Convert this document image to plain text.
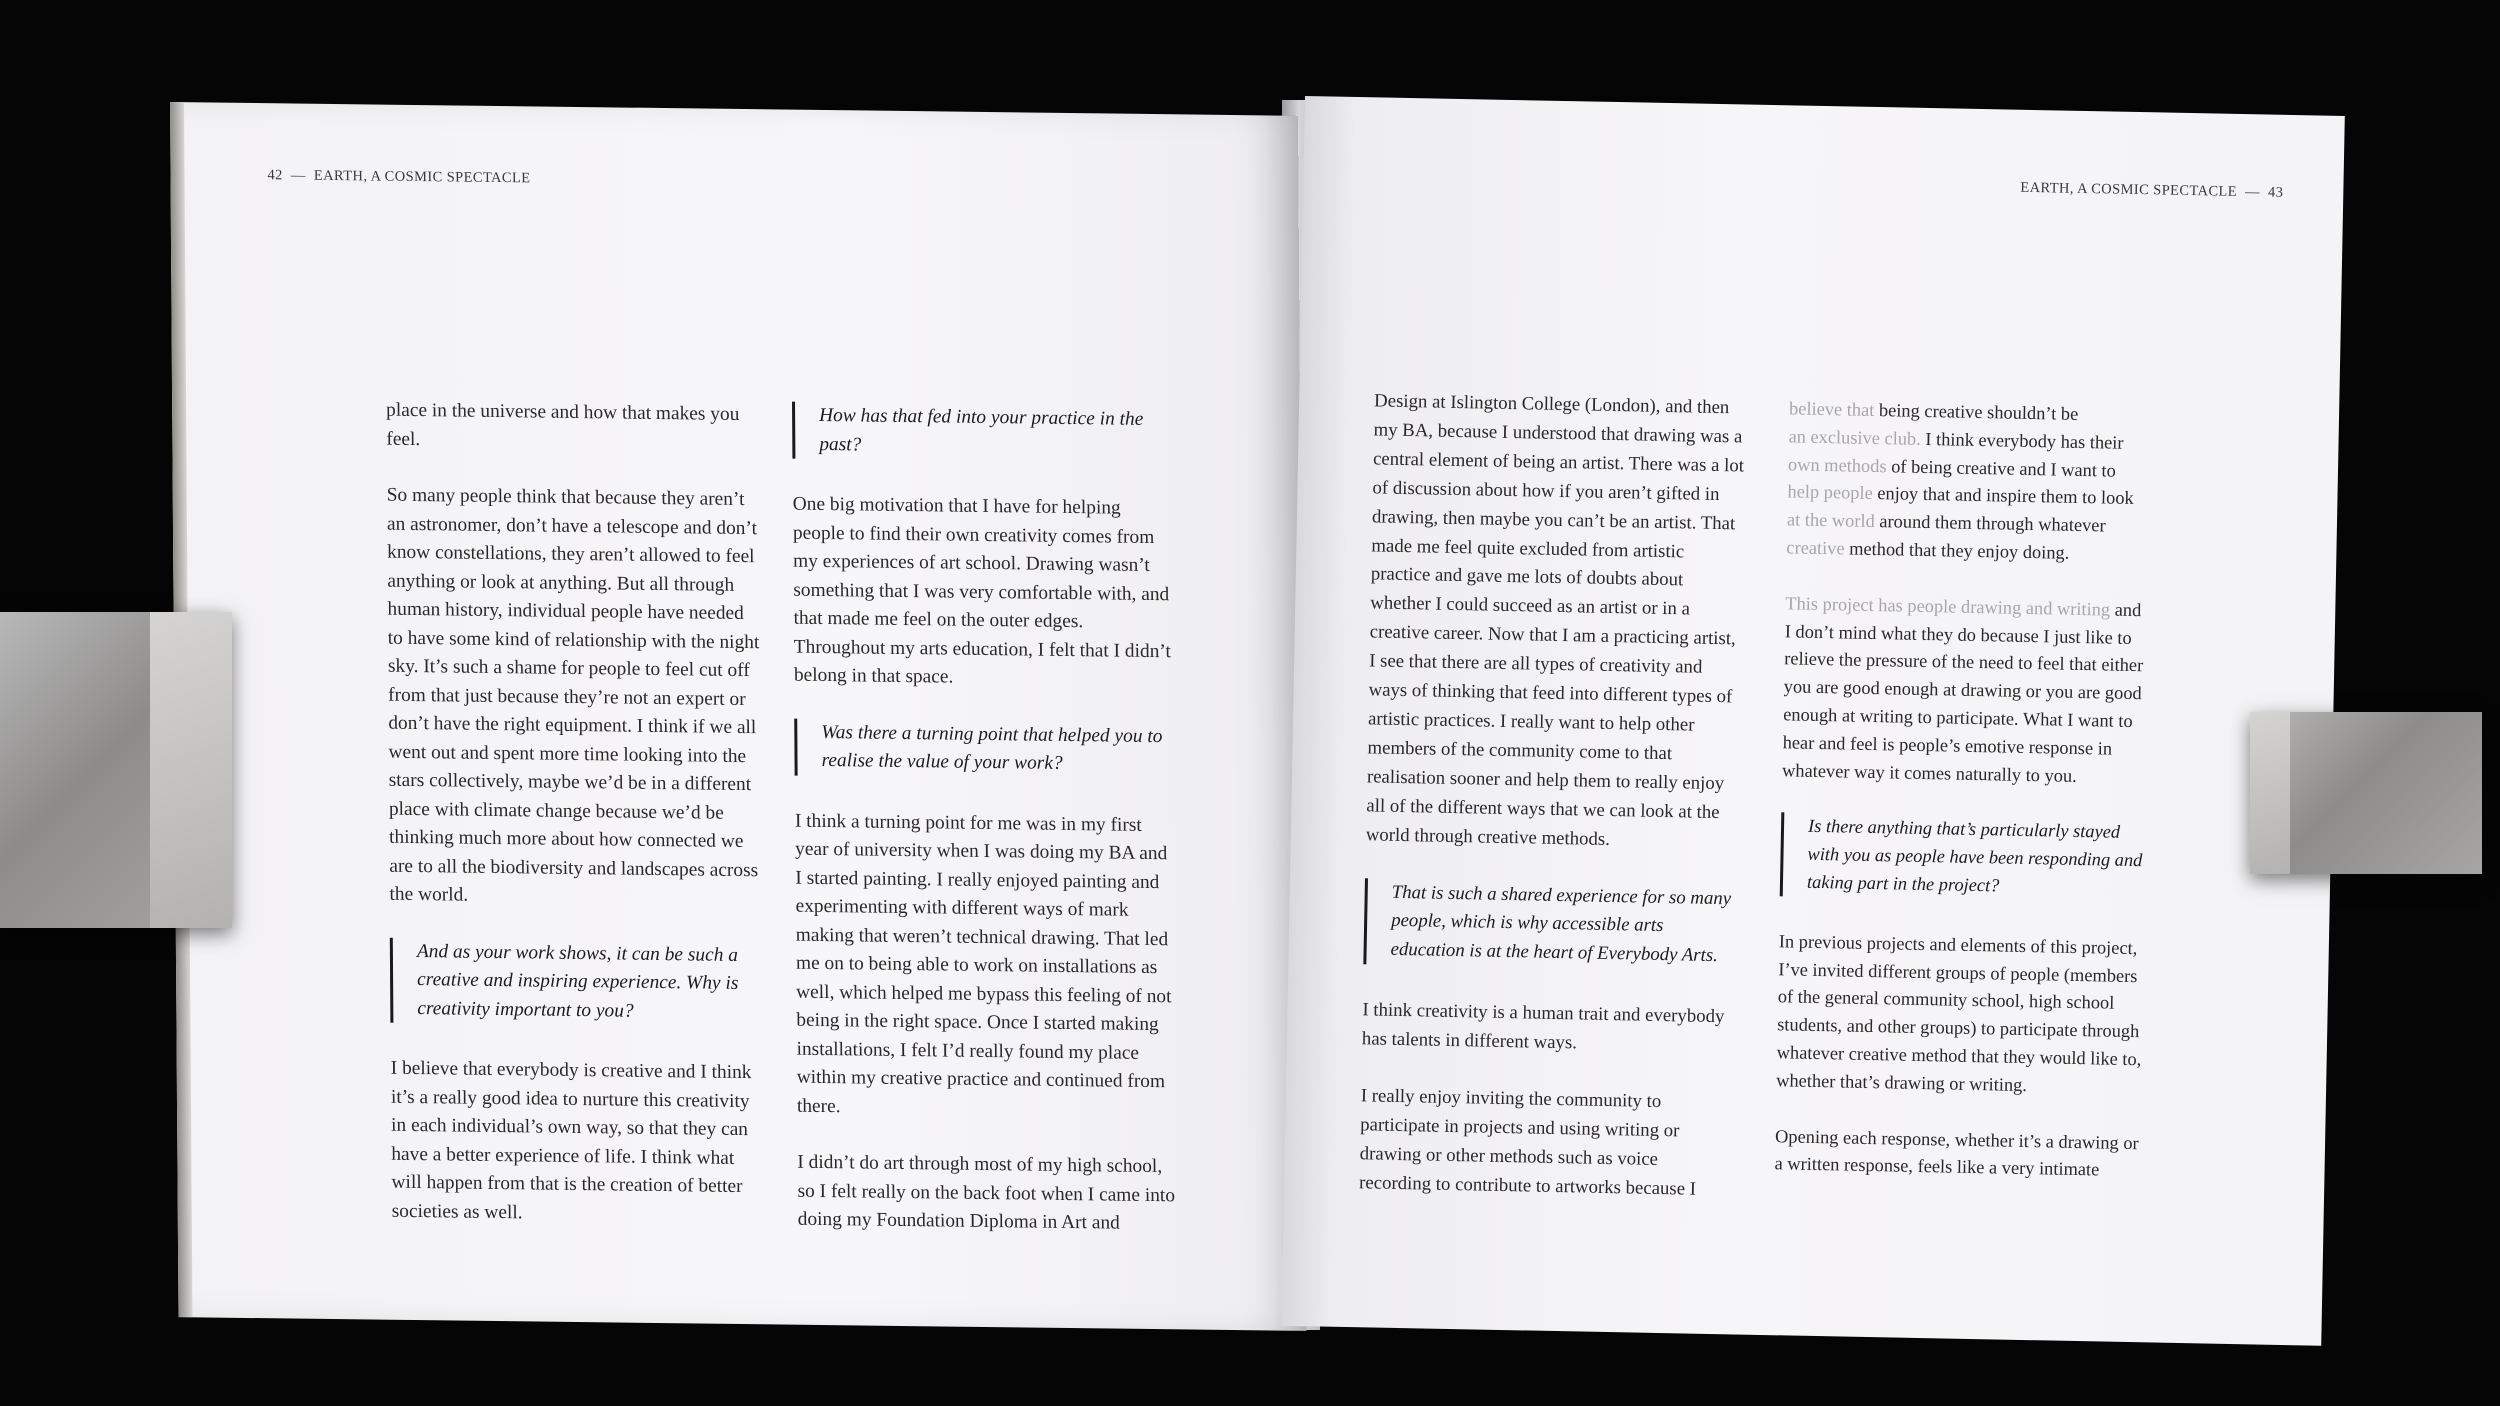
42 — EARTH, A COSMIC SPECTACLE

place in the universe and how that makes you feel.

So many people think that because they aren’t an astronomer, don’t have a telescope and don’t know constellations, they aren’t allowed to feel anything or look at anything. But all through human history, individual people have needed to have some kind of relationship with the night sky. It’s such a shame for people to feel cut off from that just because they’re not an expert or don’t have the right equipment. I think if we all went out and spent more time looking into the stars collectively, maybe we’d be in a different place with climate change because we’d be thinking much more about how connected we are to all the biodiversity and landscapes across the world.

And as your work shows, it can be such a creative and inspiring experience. Why is creativity important to you?

I believe that everybody is creative and I think it’s a really good idea to nurture this creativity in each individual’s own way, so that they can have a better experience of life. I think what will happen from that is the creation of better societies as well.

How has that fed into your practice in the past?

One big motivation that I have for helping people to find their own creativity comes from my experiences of art school. Drawing wasn’t something that I was very comfortable with, and that made me feel on the outer edges. Throughout my arts education, I felt that I didn’t belong in that space.

Was there a turning point that helped you to realise the value of your work?

I think a turning point for me was in my first year of university when I was doing my BA and I started painting. I really enjoyed painting and experimenting with different ways of mark making that weren’t technical drawing. That led me on to being able to work on installations as well, which helped me bypass this feeling of not being in the right space. Once I started making installations, I felt I’d really found my place within my creative practice and continued from there.

I didn’t do art through most of my high school, so I felt really on the back foot when I came into doing my Foundation Diploma in Art and

EARTH, A COSMIC SPECTACLE — 43

Design at Islington College (London), and then my BA, because I understood that drawing was a central element of being an artist. There was a lot of discussion about how if you aren’t gifted in drawing, then maybe you can’t be an artist. That made me feel quite excluded from artistic practice and gave me lots of doubts about whether I could succeed as an artist or in a creative career. Now that I am a practicing artist, I see that there are all types of creativity and ways of thinking that feed into different types of artistic practices. I really want to help other members of the community come to that realisation sooner and help them to really enjoy all of the different ways that we can look at the world through creative methods.

That is such a shared experience for so many people, which is why accessible arts education is at the heart of Everybody Arts.

I think creativity is a human trait and everybody has talents in different ways.

I really enjoy inviting the community to participate in projects and using writing or drawing or other methods such as voice recording to contribute to artworks because I

believe that being creative shouldn’t be
an exclusive club. I think everybody has their
own methods of being creative and I want to
help people enjoy that and inspire them to look
at the world around them through whatever
creative method that they enjoy doing.

This project has people drawing and writing and I don’t mind what they do because I just like to relieve the pressure of the need to feel that either you are good enough at drawing or you are good enough at writing to participate. What I want to hear and feel is people’s emotive response in whatever way it comes naturally to you.

Is there anything that’s particularly stayed with you as people have been responding and taking part in the project?

In previous projects and elements of this project, I’ve invited different groups of people (members of the general community school, high school students, and other groups) to participate through whatever creative method that they would like to, whether that’s drawing or writing.

Opening each response, whether it’s a drawing or a written response, feels like a very intimate
